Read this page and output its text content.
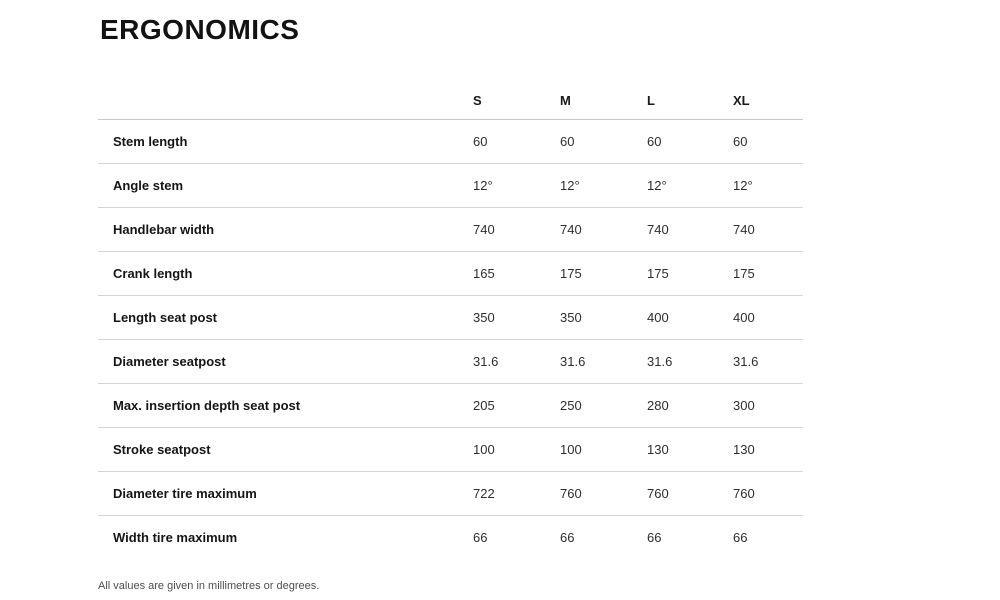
ERGONOMICS
	S	M	L	XL
Stem length	60	60	60	60
Angle stem	12°	12°	12°	12°
Handlebar width	740	740	740	740
Crank length	165	175	175	175
Length seat post	350	350	400	400
Diameter seatpost	31.6	31.6	31.6	31.6
Max. insertion depth seat post	205	250	280	300
Stroke seatpost	100	100	130	130
Diameter tire maximum	722	760	760	760
Width tire maximum	66	66	66	66

All values are given in millimetres or degrees.
